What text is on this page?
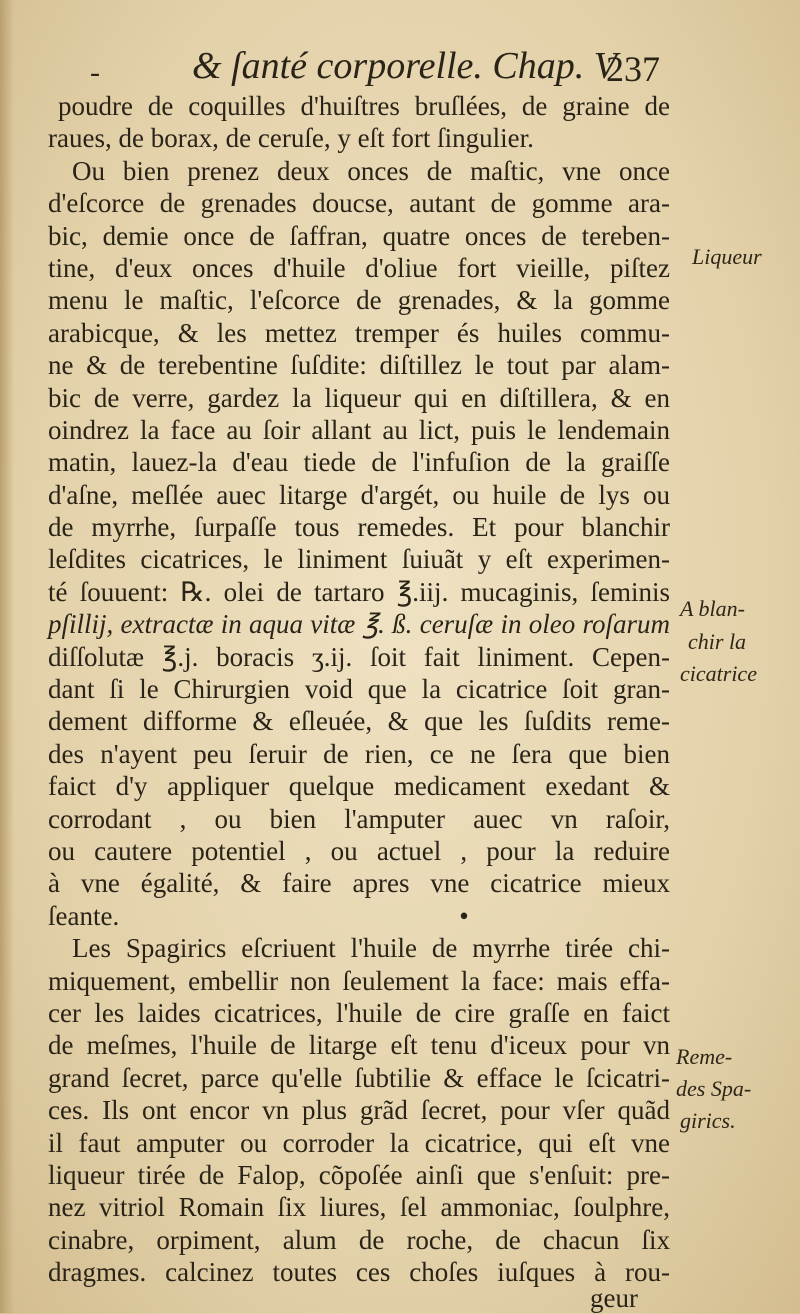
- & ſanté corporelle. Chap. V
237
poudre de coquilles d'huiſtres bruſlées, de graine de
raues, de borax, de ceruſe, y eſt fort ſingulier.
Ou bien prenez deux onces de maſtic, vne once
d'eſcorce de grenades doucse, autant de gomme ara-
bic, demie once de ſaffran, quatre onces de tereben-
tine, d'eux onces d'huile d'oliue fort vieille, piſtez
menu le maſtic, l'eſcorce de grenades, & la gomme
arabicque, & les mettez tremper és huiles commu-
ne & de terebentine ſuſdite: diſtillez le tout par alam-
bic de verre, gardez la liqueur qui en diſtillera, & en
oindrez la face au ſoir allant au lict, puis le lendemain
matin, lauez-la d'eau tiede de l'infuſion de la graiſſe
d'aſne, meſlée auec litarge d'argét, ou huile de lys ou
de myrrhe, ſurpaſſe tous remedes. Et pour blanchir
leſdites cicatrices, le liniment ſuiuãt y eſt experimen-
té ſouuent: ℞. olei de tartaro ℥.iij. mucaginis, ſeminis
pſillij, extractæ in aqua vitæ ℥. ß. ceruſæ in oleo roſarum
diſſolutæ ℥.j. boracis ʒ.ij. ſoit fait liniment. Cepen-
dant ſi le Chirurgien void que la cicatrice ſoit gran-
dement difforme & eſleuée, & que les ſuſdits reme-
des n'ayent peu ſeruir de rien, ce ne ſera que bien
faict d'y appliquer quelque medicament exedant &
corrodant , ou bien l'amputer auec vn raſoir,
ou cautere potentiel , ou actuel , pour la reduire
à vne égalité, & faire apres vne cicatrice mieux
ſeante.	•
Les Spagirics eſcriuent l'huile de myrrhe tirée chi-
miquement, embellir non ſeulement la face: mais effa-
cer les laides cicatrices, l'huile de cire graſſe en faict
de meſmes, l'huile de litarge eſt tenu d'iceux pour vn
grand ſecret, parce qu'elle ſubtilie & efface le ſcicatri-
ces. Ils ont encor vn plus grãd ſecret, pour vſer quãd
il faut amputer ou corroder la cicatrice, qui eſt vne
liqueur tirée de Falop, cõpoſée ainſi que s'enſuit: pre-
nez vitriol Romain ſix liures, ſel ammoniac, ſoulphre,
cinabre, orpiment, alum de roche, de chacun ſix
dragmes. calcinez toutes ces choſes iuſques à rou-
Liqueur
A blan-
chir la
cicatrice
Reme-
des Spa-
girics.
geur
